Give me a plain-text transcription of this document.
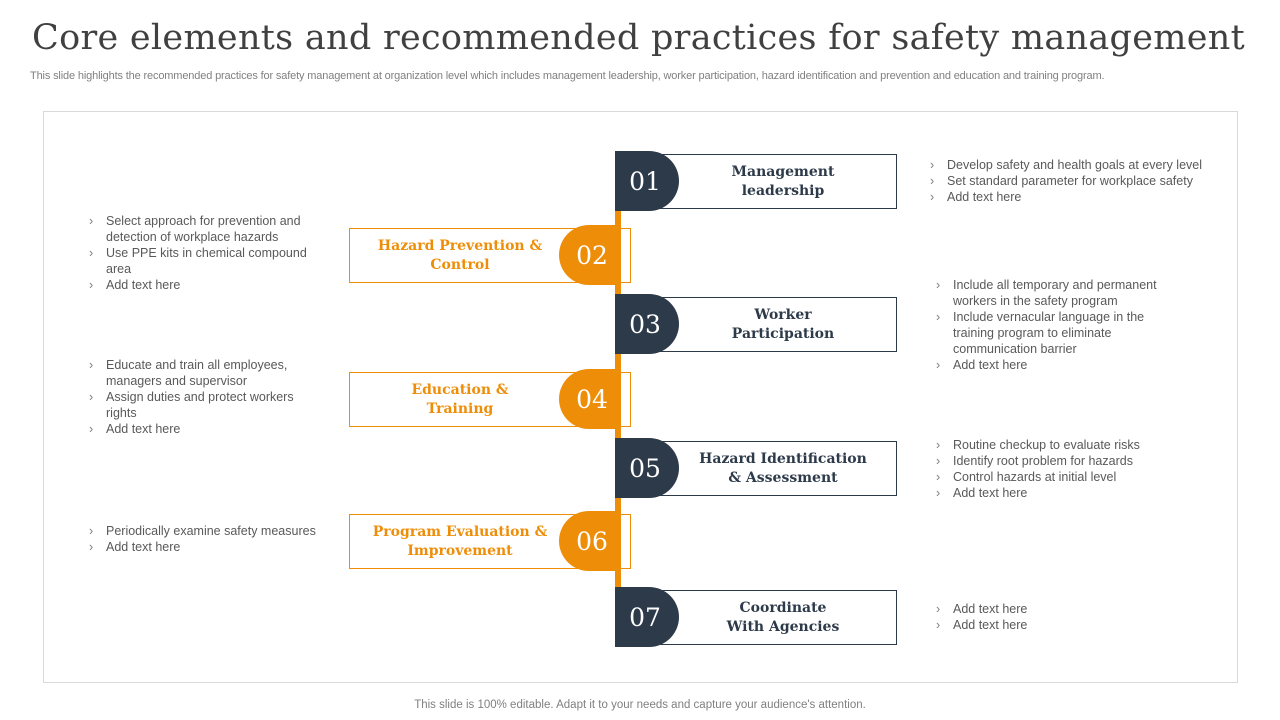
Core elements and recommended practices for safety management
This slide highlights the recommended practices for safety management at organization level which includes management leadership, worker participation, hazard identification and prevention and education and training program.
Management leadership
01
› Develop safety and health goals at every level
› Set standard parameter for workplace safety
› Add text here
Hazard Prevention & Control	02
› Select approach for prevention and detection of workplace hazards
› Use PPE kits in chemical compound area
› Add text here
Worker Participation
03
› Include all temporary and permanent workers in the safety program
› Include vernacular language in the training program to eliminate communication barrier
› Add text here
Education & Training	04
› Educate and train all employees, managers and supervisor
› Assign duties and protect workers rights
› Add text here
Hazard Identification & Assessment
05
› Routine checkup to evaluate risks
› Identify root problem for hazards
› Control hazards at initial level
› Add text here
Program Evaluation & Improvement	06
› Periodically examine safety measures
› Add text here
Coordinate With Agencies
07	› Add text here
› Add text here
This slide is 100% editable. Adapt it to your needs and capture your audience's attention.
